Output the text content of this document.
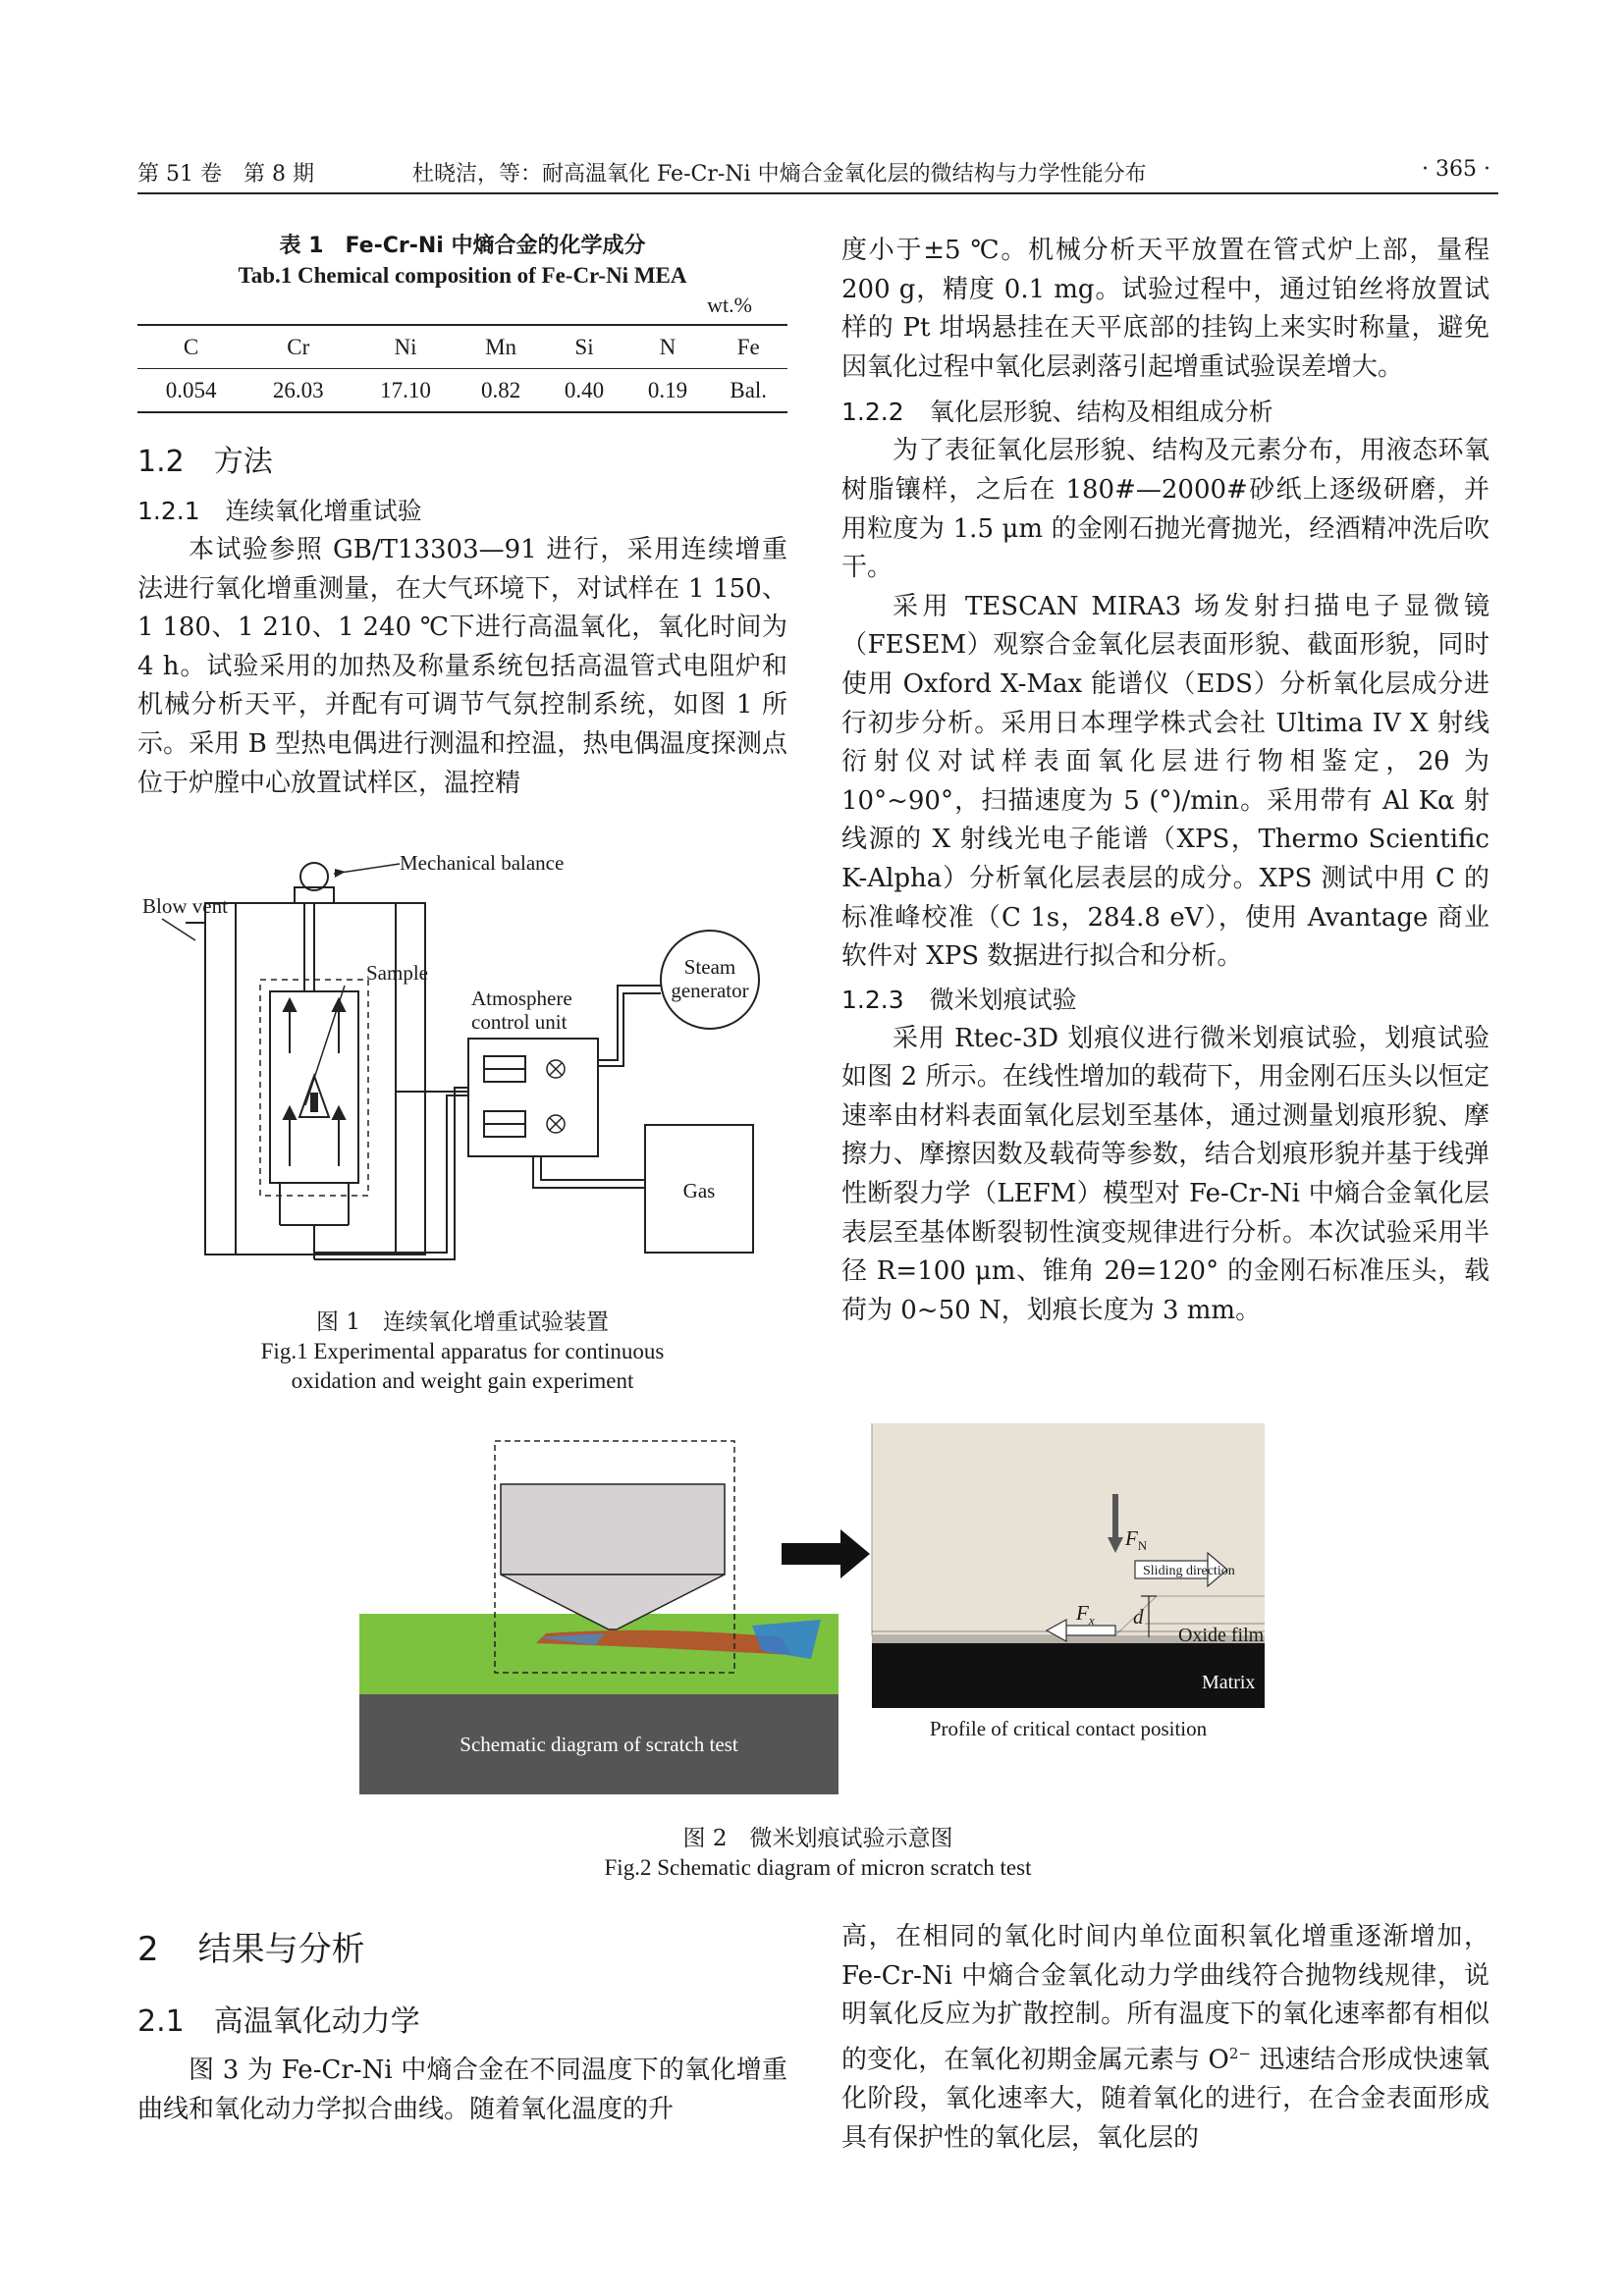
第 51 卷　第 8 期	杜晓洁，等：耐高温氧化 Fe-Cr-Ni 中熵合金氧化层的微结构与力学性能分布	· 365 ·
表 1　Fe-Cr-Ni 中熵合金的化学成分
Tab.1 Chemical composition of Fe-Cr-Ni MEA
wt.%
C	Cr	Ni	Mn	Si	N	Fe
0.054	26.03	17.10	0.82	0.40	0.19	Bal.
1.2 方法
1.2.1 连续氧化增重试验

本试验参照 GB/T13303—91 进行，采用连续增重法进行氧化增重测量，在大气环境下，对试样在 1 150、1 180、1 210、1 240 ℃下进行高温氧化，氧化时间为 4 h。试验采用的加热及称量系统包括高温管式电阻炉和机械分析天平，并配有可调节气氛控制系统，如图 1 所示。采用 B 型热电偶进行测温和控温，热电偶温度探测点位于炉膛中心放置试样区，温控精

Mechanical balance
Blow vent
Sample
Atmosphere
control unit
Steam
generator
Gas
图 1　连续氧化增重试验装置
Fig.1 Experimental apparatus for continuous
oxidation and weight gain experiment

度小于±5 ℃。机械分析天平放置在管式炉上部，量程 200 g，精度 0.1 mg。试验过程中，通过铂丝将放置试样的 Pt 坩埚悬挂在天平底部的挂钩上来实时称量，避免因氧化过程中氧化层剥落引起增重试验误差增大。

1.2.2 氧化层形貌、结构及相组成分析

为了表征氧化层形貌、结构及元素分布，用液态环氧树脂镶样，之后在 180#—2000#砂纸上逐级研磨，并用粒度为 1.5 μm 的金刚石抛光膏抛光，经酒精冲洗后吹干。

采用 TESCAN MIRA3 场发射扫描电子显微镜（FESEM）观察合金氧化层表面形貌、截面形貌，同时使用 Oxford X-Max 能谱仪（EDS）分析氧化层成分进行初步分析。采用日本理学株式会社 Ultima IV X 射线衍射仪对试样表面氧化层进行物相鉴定，2θ 为 10°~90°，扫描速度为 5 (°)/min。采用带有 Al Kα 射线源的 X 射线光电子能谱（XPS，Thermo Scientific K-Alpha）分析氧化层表层的成分。XPS 测试中用 C 的标准峰校准（C 1s，284.8 eV），使用 Avantage 商业软件对 XPS 数据进行拟合和分析。

1.2.3 微米划痕试验

采用 Rtec-3D 划痕仪进行微米划痕试验，划痕试验如图 2 所示。在线性增加的载荷下，用金刚石压头以恒定速率由材料表面氧化层划至基体，通过测量划痕形貌、摩擦力、摩擦因数及载荷等参数，结合划痕形貌并基于线弹性断裂力学（LEFM）模型对 Fe-Cr-Ni 中熵合金氧化层表层至基体断裂韧性演变规律进行分析。本次试验采用半径 R=100 μm、锥角 2θ=120° 的金刚石标准压头，载荷为 0~50 N，划痕长度为 3 mm。

Schematic diagram of scratch test
$F_N$
Sliding direction
$F_x$ d
Oxide film
Matrix
Profile of critical contact position
图 2　微米划痕试验示意图
Fig.2 Schematic diagram of micron scratch test
2 结果与分析
2.1 高温氧化动力学

图 3 为 Fe-Cr-Ni 中熵合金在不同温度下的氧化增重曲线和氧化动力学拟合曲线。随着氧化温度的升

高，在相同的氧化时间内单位面积氧化增重逐渐增加，Fe-Cr-Ni 中熵合金氧化动力学曲线符合抛物线规律，说明氧化反应为扩散控制。所有温度下的氧化速率都有相似的变化，在氧化初期金属元素与 $O^{2-}$ 迅速结合形成快速氧化阶段，氧化速率大，随着氧化的进行，在合金表面形成具有保护性的氧化层，氧化层的
